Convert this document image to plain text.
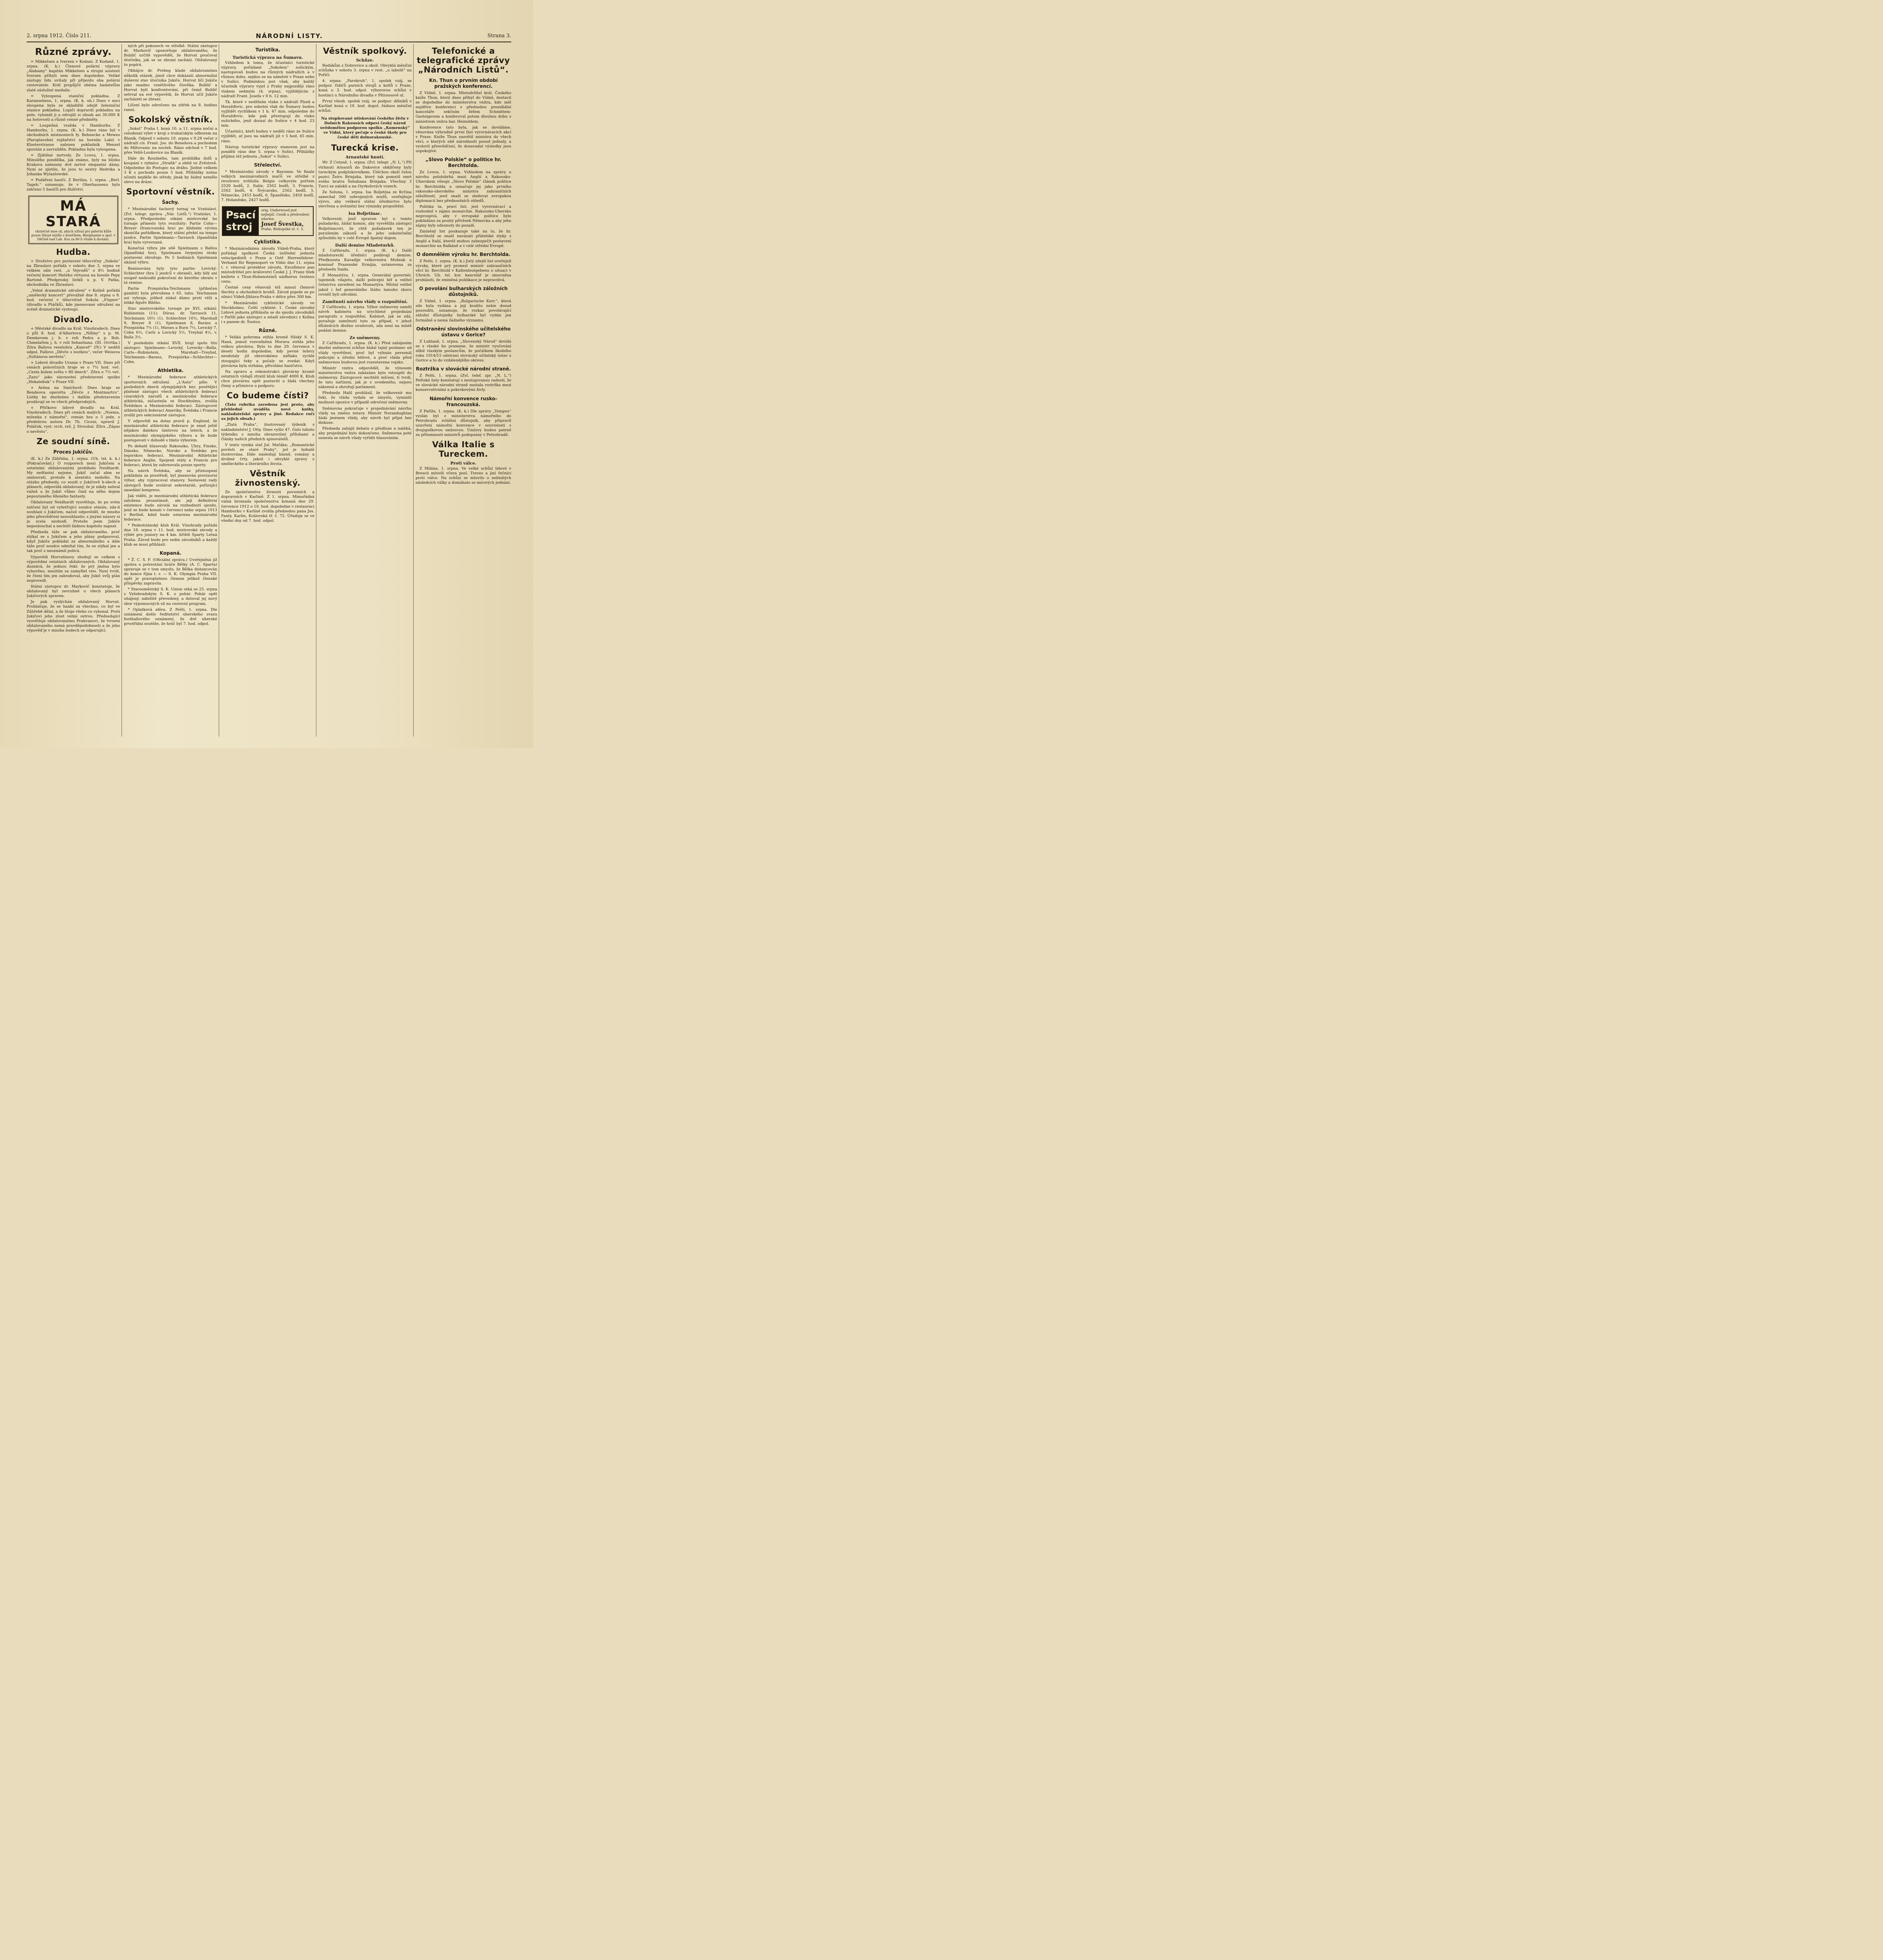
2. srpna 1912. Číslo 211.	NÁRODNÍ LISTY.	Strana 3.
Různé zprávy.

= Mikkelsen a Iversen v Kodani. Z Kodaně, 1. srpna. (K. k.) Členové polární výpravy „Alabamy“ kapitán Mikkelsen a strojní asistent Iversen přibyli sem dnes dopoledne. Veliké zástupy lidu uvítaly při příjezdu oba polární cestovatele. Král propůjčil oběma badatelům zlaté záslužné medaile.

= Vyloupená staniční pokladna. Z Karansebesu, 1. srpna. (K. k. uh.) Dnes v noci sloupena byla ze skladiště odejit železniční stanice pokladna. Lupiči dopravili pokladnu na pole, vylomili ji a odvojili si obsah asi 30.000 K na hotovosti a různé cenné předměty.

= Loupežná vražda v Hamburku. Z Hamburku, 1. srpna. (K. k.) Dnes ráno byl v obchodních místnostech fy. Behnecke a Mewes (Paroplavební rejdařství na horním Labi) v Klosterstrasse nalezen pokladník Menzel spoután a zavražděn. Pokladna byla vyloupena.

= Zjištěné mrtvoly. Ze Lvova, 1. srpna. Minulého pondělka, jak známo, byly na blízku Krakova nalezeny dvě mrtvé elegantní dámy. Nyní se zjistilo, že jsou to sestry Hedvika a Johanka Wylazlowské.

= Podáření hasiči. Z Berlína, 1. srpna. „Berl. Tageb.“ oznamuje, že v Oberhausenu bylo zatčeno 5 hasičů pro žhářství.

MÁ STARÁ
skutečně mne sil, abych užíval pro páteční kůže pouze lilioyé mýdlo s koníčkem, Bergmanne a spol. v Děčíně nad Lab. Kus za 80 h všude k dostání.
Hudba.

+ Družstvo pro postavení tělocvičny „Sokola“ na Zbraslavi pořádá v sobotu dne 3. srpna ve velkém sále rest. „u Vejvodů“ o 8½ hodině večerní koncert 9letého virtuosa na housle Pepy Bartoně. Předprodej lístků u p. V. Patka, obchodníka ve Zbraslavi.

„Volné dramatické sdružení“ v Kolíně pořádá „umělecký koncert“ převážně dne 8. srpna o 8. hod. večerní v tělocvičně Sokola „Fügner“ (divadlo u Ptáčků), kde jmenované sdružení na scéně dramatické vystoupí.

Divadlo.

+ Městské divadlo na Král. Vinohradech. Dnes o půl 8. hod. d'Albertova „Nížiny“ s p. M. Demkovem j. h. v roli Pedra a p. Boh. Chmelařem j. h. v roli Sebastiana. (III. čtvrtka.) Zítra Bažova veselohra „Kanceř“ (IV.) V neděli odpol. Fallovo „Děvče s loutkou“, večer Weisova „Sultánova nevěsta“.

+ Lidové divadlo Urania v Praze VII. Dnes při cenách polovičních hraje se o 7½ hod. več. „Cesta kolem světa v 80 dnech“. Zítra o 7½ več. „Zazu“ jako slavnostní představení spolku „Hekatebuk“ v Praze VII.

+ Aréna na Smíchově. Dnes hraje se Bendeova operetta „Děvče z Montmartru“. Lístky ke dnešnímu i dalším představením prodávají se ve všech předprodejích.

+ Přičkovo lidové divadlo na Král. Vinohradech. Dnes při cenách malých: „Noema, milenka z námořní“, román hra o 5 jedn. s předehrou autora Dr. Th. Ciconi, upravil J. Poláček, vyst. vrch. rež. J. Stroubal. Zítra „Zápas o nevěstu“.

Ze soudní síně.
Proces Jukičův.

(K. k.) Ze Záhřeba, 1. srpna. (Uh. tel. k. k.) (Pokračování.) O rozporech mezi Jukičem a ostatními obžalovanými probíhalo Neidhardt. My nešťastní nejsme, Jukič začal ahm se omlouvati, protože k atentátu nedošlo. Na otázku předsedy, co soudí o Jukičově h-idech a plánech, odpovídá obžalovaný, že je nikdy nebral vážně a že Jukič vůbec činil na něho dojem pepoutaného šíleného fantasty.

Obžalovaný Neidhardt vysvětluje, že po svém zatčení byl od vyšetřující soudce otázán, zda-li souhlasí s Jukičem, načež odpověděl, že mnoho jeho přesvědčení nesouhlasilo; s jinými názory si je zcela neshodl. Protože jsem Jukiče neposlouchal a nechtěl žádnou kapitolu napsat.

Předseda táže se pak obžalovaného, proč stýkal se s Jukičem a jeho plány podporoval, když Jukiče pokládal za abnormálního a dále táže proč soudce odmítal tím, že se stýkal jen a tak proč s neoznámil policii.

Výpovědi Horvatinovy shodují se celkem s výpovědmi ostatních obžalovaných. Obžalovaný doznává, že jednou řekl: že prý jména bylo vyhověno, mezitím sa zamyšlel viss. Nyní tvrdí, že čtení tím jen zabraňoval, aby Jukič svůj plán neprovedl.

Státní zástupce dr. Markovič konstatuje, že obžalovaný byl zevrubně o všech plánech Jukičových zpraven.

Je pak vyslýchán obžalovaný Horvat. Prohlašuje, že se hanbí za všechno, co byl ve Záhřebě dělal, a že lituje všeho co vykonal. Proti Jukičovi jeho zlost velmi ostrou. Předsedající vysvětluje obžalovanému Prakvanovi, že tvrzení obžalovaného nemá pravděpodobnosti a že jeho výpověď je v mnoha bodech se odporující.

ných při pokusech ve střelbě. Státní zástupce dr. Markovič upozorňuje obžalovaného, že Bublič určitě vypověděl, že Horvat poučoval útočníka, jak se se zbraní zacházi. Obžalovaný to popírá.

Obhájce dr. Prebeg klade obžalovanému několik otázek, jimiž chce dokázati abnormální duševní stav útočníka Jukiče. Horvat líčí Jukiče jako snadno vznětlivého člověka. Bublič a Horvat byli konfrontováni, při čemž Bublič setrval na své výpovědi, že Horvat učil Jukiče zacházeti se zbraní.

Líčení bylo odročeno na zítřek na 8. hodinu ranní.

Sokolský věstník.

„Sokol“ Praha I. koná 10. a 11. srpna noční a celodenní výlet v kroji s trubačským odborem na Blaník. Odjezd v sobotu 10. srpna v 9.28 večer z nádraží cís. Frant. Jos. do Benešova a pochodem do Miltovanic na nocleh. Ráno odchod v 7 hod. přes Veliš-Louňovice na Blaník.

Dále do Roudného, tam prohlídka dolů a koupání v rybníce „Straňk“ a oběd ve Zvěstově. Odpoledne do Postupic na dráhu. Jízdné celkem 3 K s pochodu pouze 5 hod. Přihlášky nutno učiniti nejdéle do středy, jinak by žádný nemělo slevu na dráze.

Sportovní věstník.
Šachy.

* Mezinárodní šachový turnaj ve Vratislavi. (Zvl. telegr. zpráva „Nár. Listů.“) Vratislav, 1. srpna. Předposlední utkání mistrovské ho turnaje přineslo tyto rezultáty: Partie Cohn—Breyer (francouzská hra) po klidném vývinu skončila pořádkem, který státní přešel na tempo jezdce. Partie Spielmann—Tarrasch (španělská hra) byla vyrovnaná.

Konečná výhra jde sítě Spielmann s Ballou (španělská hra), Spielmann čerpnými útoky postavení ohrožuje. Po 5 hodinách Spielmann ukázal výhru.

Remisovány byly tyto partie: Levický-Schlechter (hra 2 jezdců v obraně), kdy bílý ani soupeř nedosáhl pokročení do kterého obratu v té remise.

Partie Przepiórka-Teichmann (přibočen gambit) byla přerušena v 65. tahu. Teichmann asi vyhraje, jelikož získal dámu proti věži a lehké figuře Bílého.

Stav mistrovského turnaje po XVI. utkání: Rubinstein (11); Dúras. dr. Tarrasch 11, Teichmann 10½ (1), Schlechter 10½, Marshall 9, Breyer 8 (1), Spielmann 8, Barász a Przepiórka 7½ (1), Mieses a Burn 7½, Levický 7, Cohn 6½, Carls a Lovický 5½, Treybal 4½, v. Balla 3½.

V posledním utkání XVII. hrají spolu tito zástupci: Spielmann—Levický, Lovecky—Balla, Carls—Rubinstein, Marshall—Treybal, Teichmann—Barasz, Przepiórka—Schlechter—Cohn.

Athletika.

* Mezinárodní federace athletických sportovních sdružení. „L'Auto“ píše: V posledních dnech olympijských her, pouštějící plněnné zástupci všech athletických federací císarských národů a mezinárodní federace athletická, zúčastnila se Stockholmu, zvolila Švédskou a Mezinárodní federaci. Zástupcové athletických federací Ameriky, Švédska i Francie zvolili pro sekcionárné zástupce.

V odpovědi na dotaz pravil p. Englund, že mezinárodní athletická federace je snad ještě nějakou dalekou úmluvou na letech, a že mezinárodní olympijského výboru a že bude postupovati v dohodě s tímto výborem.

Po debatě hlasovaly Rakousko, Uhry, Finsko, Dánsko, Německo, Norsko a Švédsko pro legorskou federaci. Mezinárodní Athletické federace Anglie, Spojené státy a Francie pro federaci, která by zahrnovala pouze sporty.

Na návrh Švédska, aby se přistoupení pokládala za prostředí, byl jmenován provizorní výbor, aby vypracoval stanovy. Sestavení rady zástupců bude svolávat sekretariát, pořizující zasedání kongresu.

Jak víděti, je mezinárodní athletická federace založena prozatímně, ale její definitivní existence bude závislá na rozhodnutí sjezdu, jenž se bude konati v červenci nebo srpnu 1913 v Berlíně, kdež bude ustavena mezinárodní federace.

* Pedestriánský klub Král. Vinohrady pořádá dne 18. srpna v 11. hod. mistrovské závody a výběr pro juniory na 4 km. hřiště Sparty Letná Praha. Závod bude pro sedm závodníků a každý klub se musí přihlásit.

Kopaná.

* Ž. C. S. F. (Oficiální zpráva.) Uveřejněná již zpráva o potrestání hráče Bělky (A. C. Sparta) opravuje se v tom smyslu, že Bělka distancován do konce října t. r. — S. K. Olympia Praha VII. opět je pravoplatnou členem jelikož členské příspěvky zapravila.

* Starooměstský S. K. Union utká se 25. srpna s Vyšehradským S. K. o pohár. Pohár opět uhájený, náležitě převedený, a dotoval jej nový sbor výpomocných sil na cestovní program.

* Oplatková aféra. Z Pešti, 1. srpna. Dle oznámení došlo ředitelství uherského svazu footballového oznámení, že dvě uherské prvotřídní soutěže, že hráč byl 7. hod. odpol.

Turistika.
Turistická výprava na Šumavu.

Vzhledem k tomu, že účastníci turistické výpravy, pořádané „Sokolem“ sušickým, nastupovali budou na různých nádražích a v různou dobu, sejdou se na náměstí v Praze nebo v Sušici. Podmínkou jest však, aby každý účastník výpravy vyjel z Prahy nejpozději ráno vlakem sedmým (4. srpna), vyjíždějícím z nádraží Frant. Josefa v 8 h. 12 min.

Tk. které v nedělním vlaku z nádraží Plzeň a Horažďovic, pro sobotní vlak do Šumavy budou vyjíždět rychlíkem v 1 h. 47 min. odpoledne do Horažďovic, kde pak přestupují do vlaku sušického, jenž dorazí do Sušice v 4 hod. 23 min.

Účastníci, kteří budou v neděli ráno ze Sušice vyjíždět, ať jsou na nádraží již v 5 hod. 45 min. ráno.

Nástup turistické výpravy stanoven jest na pondělí ráno dne 5. srpna v Sušici. Přihlášky přijímá též jednota „Sokol“ v Sušici.

Střelectví.

* Mezinárodní závody v Bayonne. Ve finale velkých mezinárodních mačů ve střelbě z revolveru zvítězila Belgie celkovým počtem 2520 bodů, 2. Italie, 2562 bodů, 3. Francie, 2562 bodů, 4. Švýcarsko, 2562 bodů, 5. Německo, 2453 bodů, 6. Španělsko, 2450 bodů, 7. Holandsko, 2427 bodů.

Psací stroj
orig. Underwood jest nejlepší. Ceník a předvedení zdarma.
Josef Švestka,
Praha, Biskupská ul. č. 3.
Cyklistika.

* Mezinárodnímu závodu Vídeň-Praha, který pořádají spolkové Česká ústřední jednota velocipedistů v Praze a Ostř. Herrenfahrer-Verband für Regensport ve Vídni dne 11. srpna t. r. věnoval protektor závodu, Excellence pan místodržitel pro království České J. J. Franz titek knížete z Thun-Hohensteinů nádherou čestnou cenu.

Čestné ceny věnovali též mnozí členové šlechty a obchodních kruhů. Závod pojede se po silnici Vídeň-Jihlava-Praha v délce přes 300 km.

* Mezinárodní cyklistické závody ve Stockholmu. Čeští cyklisté: I. České závodní Lidové jednota přihlásila se do sjezdu závodníků v Paříži jako zástupci a mladí závodníci z Kolína i s panem dr. Šustou.

Různé.

* Veliká pohroma stihla kromě říšský S. K. Haná, jemuž rozvodněná Morava strhla jeho velkou plovárnu. Bylo to dne 29. července v desetí hodin dopoledne, kdy pevné težery neodolaly již obrovskému náťlaku rychlé stoupající řeky a počaly se zvedat. Když plovárna byla strhána, přivoláno hasičstvo.

Na opravu a rekonstrukci plovárny kromě ostatních výdajů ztratil klub téměř 4000 K. Klub chce plovárnu opět postaviti a žádá všechny členy a příznivce o podporu.

Co budeme čísti?

(Tato rubrika zavedena jest proto, aby přehledně uváděla nové knihy, nakladatelské zprávy a jiné. Redakce ručí za jejich obsah.)

„Zlatá Praha“, ilustrovaný týdeník s nakladatelství J. Otty. Dnes vyšlo 47. číslo tohoto týdeníku s mnoha obrazovými přílohami a články našich předních spisovatelů.

V textu vyniká stať Jul. Mařáka: „Romantické pověsti ze staré Prahy“, jež je bohatě ilustrována. Dále následují básně, romány a drobné črty, jakož i obvyklé zprávy z uměleckého a literárního života.

Věstník živnostenský.

Ze společenstva živnosti povozních a dopravních v Karlině. Z 1. srpna. Mimořádná valná hromada společenstva konaná dne 29. července 1912 o 10. hod. dopoledne v restauraci Hamburku v Karlíně zvolila předsedou pana Jos. Fanty, Karlin, Královská tř. č. 72. Úřaduje se ve všední dny od 7. hod. odpol.

Věstník spolkový.
Schůze.

Rodákům z Dobrovice a okolí. Obvyklá měsíční schůzka v sobotu 3. srpna v rest. „u labutě“ na Poříčí.

4. srpna: „Parokruh“, 1. spolek vzáj. se podpor. řidičů parních strojů a kotlů v Praze, koná o 3. hod. odpol. výborovou schůzi v hostinci u Národního divadla v Pštrossově ul.

První všeob. spolek vzáj. se podpor. dělníků v Karlíně koná o 10. hod. dopol. řádnou měsíční schůzi.

Na stupňované utiskování českého živlu v Dolních Rakousích odpoví český národ uvědomělou podporou spolku „Komenský“ ve Vídni, který pečuje o české školy pro české děti dolnorakouské.

Turecká krise.
Arnautské hnutí.

Wr. Z Cetyně, 1. srpna. (Zvl. telegr. „N. L.“) Při vtrhnutí Arnautů do Dakovice obklíčeny byly tureckým podplukovníkem. Útěchou okolí čelou pozici Žeiru Brinjaka, který tak pomstil smrt svého bratra Šehabana Brinjaka. Všechny 3 Turci se zalekli a na čtyrkolových vozech.

Ze Soluna, 1. srpna. Isa Boljetina ze Krčina zanechal 500 ozbrojených mužů, uveřejňuje výzvu, aby veškerá státní úřednictvo bylo otevřena a uvěznění bez výminky propuštění.

Isa Boljetinac.

Velkovezír, jenž zpraven byl o tomto požadavku, žádal komisi, aby vysvětlila zástupci Boljetinacovi, že chtě požadavek ten je porušením zákonů a že jeho uskutečnění způsobilo by v celé Evropě špatný dojem.

Další demise Mladoturků.

Z Cařihradu, 1. srpna. (K. k.) Další mladotureckí úředníci podávají demise. Předkuosta Kavadije velkovezíra Mušeak a komisař Prazenské Ermijia, ustanovena za předsedu Saida.

Z Monastýra, 1. srpna. Generální guvernér, tajemník vilajetu, další policejní šéf a velitel četnictva zavedení na Monastýra. Místní velitel jakož i šef generálního štábu lamuho sboru rovněž byli odvoláni.

Zamítnutí návrhu vlády o rozpuštění.

Z Cařihradu, 1. srpna. Výbor sněmovny zamítl návrh kabinetu na urychlené projednání paragrafu o rozpuštění. Kabinet, jak se zdá, považuje zamítnutí toto za případ, v jehož důsledcích dlužno uvažovati, zda není na místě podání demise.

Ze sněmovny.

Z Cařihradu, 1. srpna. (K. k.) Před zahájením dnešní sněmovní schůze žádal tajný poslanec od vlády vysvětlení, proč byl vyhnán personál policejní a úřední šéfové, a proč vláda před sněmovnou budovou jest rozestavena vojsko.

Ministr vnitra odpověděl, že výnosem ministerstva vnitra zakázáno bylo vstoupiti do sněmovny. Zástupcové nechtěli mlčení, ti tvrdí, že tato nařízení, jak je z uvedeného, nejsou zákonná a ohrožují parlament.

Předseda Halil prohlásil, že velkovezír mu řekl, že vláda vydala se úmyslu, vyminiti možnost opozice v případě odročení sněmovny.

Sněmovna pokračuje v projednávání návrhu vlády na změnu ústavy. Ministr Nurandughian žádá jménem vlády, aby návrh byl přijat bez diskuse.

Předseda zahájil debatu o předloze a naléhá, aby projednání bylo dokončeno. Sněmovna poté usnesla se návrh vlády vyřídit hlasováním.

Telefonické a telegrafické zprávy „Národních Listů“.
Kn. Thun o prvním období pražských konferencí.

Z Vídně, 1. srpna. Místodržitel král. Českého kníže Thun, který dnes přibyl do Vídně, dostavil se dopoledne do ministerstva vnitra, kde měl nejdříve konferenci s předsedou presidiální kanceláře sekčním šéfem Schmittem-Gasteigerem a konferoval potom dlouhou dobu s ministrem vnitra bar. Heinoldem.

Konference tato byla, jak se dovídáme, věnována výhradně první fázi vyrovnávacích akcí v Praze. Kníže Thun zasvětil ministra do všech věcí, o kterých obě národnosti posud jednaly, a vyslovil přesvědčení, že dosavadní výsledky jsou uspokojivé.

„Slovo Polskie“ o politice hr. Berchtolda.

Ze Lvova, 1. srpna. Vzhledem na zprávy o návrhu pololobrhá mezi Anglií a Rakousko-Uherskem věnuje „Slovo Polskie“ článek politice hr. Berchtolda a označuje jej jako prvního rakousko-uherského ministra zahraničních záležitostí, jenž snaží se sledovat evropskou diplomacii bez přednostních ohledů.

Politika ta, praví list, jest vyrovnávací a rozhodně v zájmu monarchie. Rakousko-Uhersku neprospívá, aby v evropské politice bylo pokládáno za pouhý přívěsek Německa a aby jeho zájmy byly odsunuty do pozadí.

Zmíněný list poukazuje také na to, že hr. Berchtold se snaží navázati přátelské styky s Anglií a Italií, kteréž mohou zabezpečit postavení monarchie na Balkáně a v celé střední Evropě.

O domnělém výroku hr. Berchtolda.

Z Pešti, 1. srpna. (K. k.) Jistý zdejší list uveřejnil výroky, které prý pronesl ministr zahraničních věcí hr. Berchtold v Kaltenleutgebenu o situaci v Uhrách. Uh. tel. kor. kancelář je zmocněna prohlásiti, že zmíněná publikace je nepravdivá.

O povolání bulharských záložních důstojníků.

Z Vídně, 1. srpna. „Bulgarische Korr.“, která zde byla vydána a její kvalitu nelze dosud posouditi, oznamuje, že rozkaz povolávající záložní důstojníky bulharské byl vydán jen formálně a nemá žádného významu.

Odstranění slovinského učitelského ústavu v Gorice?

Z Lublaně, 1. srpna. „Slovenský Národ“ dovídá se z vlaské ho pramene, že ministr vyučování slibil vlaským poslancům, že počátkem školního roku 1914/15 odstraní slovinský učitelský ústav z Gorice a to do vzdálenějšího okresu.

Roztržka v slovácké národní straně.

Z Pešti, 1. srpna. (Zvl. telef. zpr. „N. L.“) Peštské listy konstatují s neutajovanou radostí, že ve slovácké národní straně nastala roztržka mezi konservativními a pokrokovými živly.

Námořní konvence rusko-francouzská.

Z Paříže, 1. srpna. (K. k.) Dle zprávy „Tempsu“ vyslán byl z ministerstva námořního do Petrohradu zvláštní důstojník, aby připravil uzavření námořní konvence v souvislosti s dvojspolkovou smlouvou. Úmluvy budou patrně za přítomnosti ministrů podepsány v Petrohradě.

Válka Italie s Tureckem.
Proti válce.

Z Milána, 1. srpna. Ve velké schůzi lidové v Brescii mluvili včera posl. Treves a jiní řečníci proti válce. Na schůzi se mluvilo o neblahých následcích války a domáhalo se mírových jednání.
